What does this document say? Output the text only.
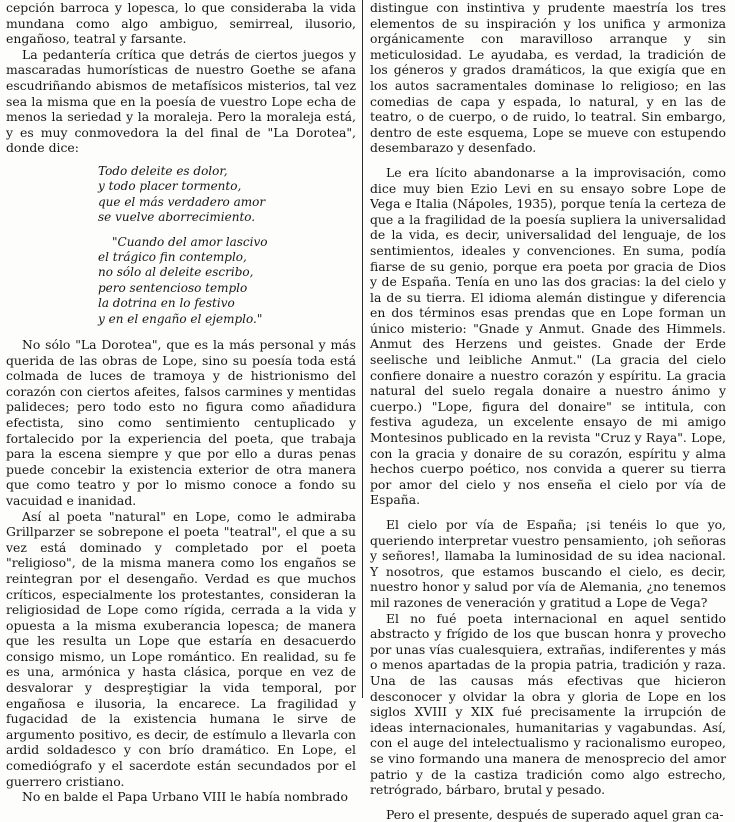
cepción barroca y lopesca, lo que consideraba la vida mundana como algo ambiguo, semirreal, ilusorio, engañoso, teatral y farsante.

La pedantería crítica que detrás de ciertos juegos y mascaradas humorísticas de nuestro Goethe se afana escudriñando abismos de metafísicos misterios, tal vez sea la misma que en la poesía de vuestro Lope echa de menos la seriedad y la moraleja. Pero la moraleja está, y es muy conmovedora la del final de "La Dorotea", donde dice:

Todo deleite es dolor,
y todo placer tormento,
que el más verdadero amor
se vuelve aborrecimiento.
"Cuando del amor lascivo
el trágico fin contemplo,
no sólo al deleite escribo,
pero sentencioso templo
la dotrina en lo festivo
y en el engaño el ejemplo."

No sólo "La Dorotea", que es la más personal y más querida de las obras de Lope, sino su poesía toda está colmada de luces de tramoya y de histrionismo del corazón con ciertos afeites, falsos carmines y mentidas palideces; pero todo esto no figura como añadidura efectista, sino como sentimiento centuplicado y fortalecido por la experiencia del poeta, que trabaja para la escena siempre y que por ello a duras penas puede concebir la existencia exterior de otra manera que como teatro y por lo mismo conoce a fondo su vacuidad e inanidad.

Así al poeta "natural" en Lope, como le admiraba Grillparzer se sobrepone el poeta "teatral", el que a su vez está dominado y completado por el poeta "religioso", de la misma manera como los engaños se reintegran por el desengaño. Verdad es que muchos críticos, especialmente los protestantes, consideran la religiosidad de Lope como rígida, cerrada a la vida y opuesta a la misma exuberancia lopesca; de manera que les resulta un Lope que estaría en desacuerdo consigo mismo, un Lope romántico. En realidad, su fe es una, armónica y hasta clásica, porque en vez de desvalorar y despreştigiar la vida temporal, por engañosa e ilusoria, la encarece. La fragilidad y fugacidad de la existencia humana le sirve de argumento positivo, es decir, de estímulo a llevarla con ardid soldadesco y con brío dramático. En Lope, el comediógrafo y el sacerdote están secundados por el guerrero cristiano.

No en balde el Papa Urbano VIII le había nombrado

distingue con instintiva y prudente maestría los tres elementos de su inspiración y los unifica y armoniza orgánicamente con maravilloso arranque y sin meticulosidad. Le ayudaba, es verdad, la tradición de los géneros y grados dramáticos, la que exigía que en los autos sacramentales dominase lo religioso; en las comedias de capa y espada, lo natural, y en las de teatro, o de cuerpo, o de ruido, lo teatral. Sin embargo, dentro de este esquema, Lope se mueve con estupendo desembarazo y desenfado.

Le era lícito abandonarse a la improvisación, como dice muy bien Ezio Levi en su ensayo sobre Lope de Vega e Italia (Nápoles, 1935), porque tenía la certeza de que a la fragilidad de la poesía supliera la universalidad de la vida, es decir, universalidad del lenguaje, de los sentimientos, ideales y convenciones. En suma, podía fiarse de su genio, porque era poeta por gracia de Dios y de España. Tenía en uno las dos gracias: la del cielo y la de su tierra. El idioma alemán distingue y diferencia en dos términos esas prendas que en Lope forman un único misterio: "Gnade y Anmut. Gnade des Himmels. Anmut des Herzens und geistes. Gnade der Erde seelische und leibliche Anmut." (La gracia del cielo confiere donaire a nuestro corazón y espíritu. La gracia natural del suelo regala donaire a nuestro ánimo y cuerpo.) "Lope, figura del donaire" se intitula, con festiva agudeza, un excelente ensayo de mi amigo Montesinos publicado en la revista "Cruz y Raya". Lope, con la gracia y donaire de su corazón, espíritu y alma hechos cuerpo poético, nos convida a querer su tierra por amor del cielo y nos enseña el cielo por vía de España.

El cielo por vía de España; ¡si tenéis lo que yo, queriendo interpretar vuestro pensamiento, ¡oh señoras y señores!, llamaba la luminosidad de su idea nacional. Y nosotros, que estamos buscando el cielo, es decir, nuestro honor y salud por vía de Alemania, ¿no tenemos mil razones de veneración y gratitud a Lope de Vega?

El no fué poeta internacional en aquel sentido abstracto y frígido de los que buscan honra y provecho por unas vías cualesquiera, extrañas, indiferentes y más o menos apartadas de la propia patria, tradición y raza. Una de las causas más efectivas que hicieron desconocer y olvidar la obra y gloria de Lope en los siglos XVIII y XIX fué precisamente la irrupción de ideas internacionales, humanitarias y vagabundas. Así, con el auge del intelectualismo y racionalismo europeo, se vino formando una manera de menosprecio del amor patrio y de la castiza tradición como algo estrecho, retrógrado, bárbaro, brutal y pesado.

Pero el presente, después de superado aquel gran ca-
